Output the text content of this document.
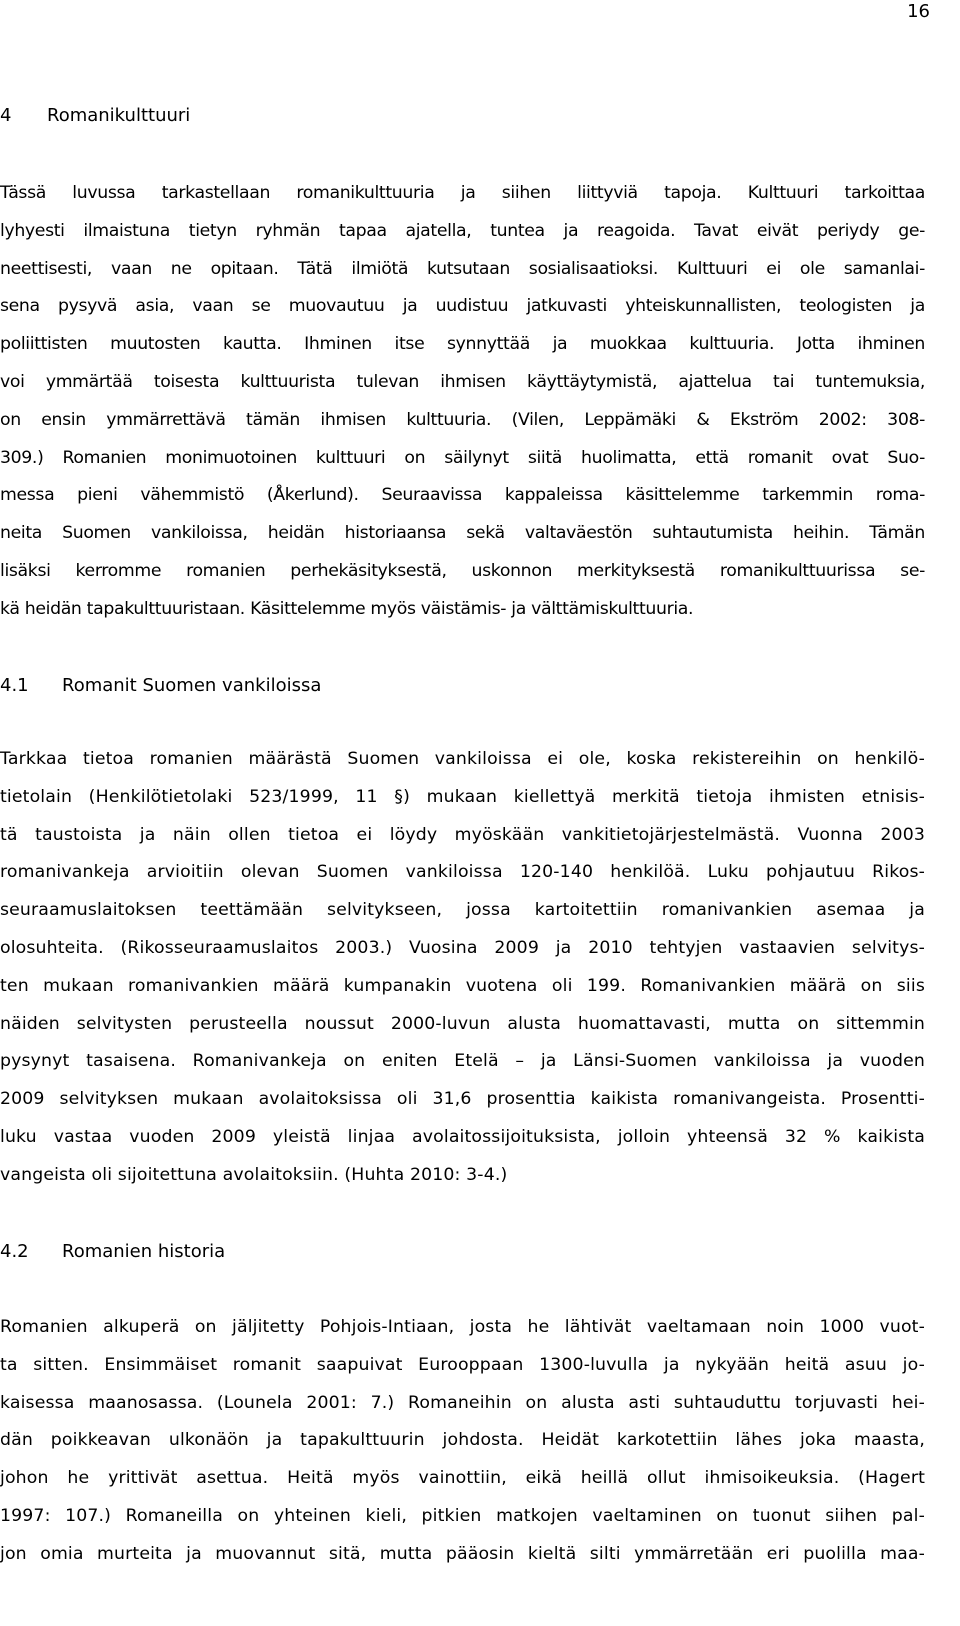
16
4 Romanikulttuuri
Tässä luvussa tarkastellaan romanikulttuuria ja siihen liittyviä tapoja. Kulttuuri tarkoittaa
lyhyesti ilmaistuna tietyn ryhmän tapaa ajatella, tuntea ja reagoida. Tavat eivät periydy ge-
neettisesti, vaan ne opitaan. Tätä ilmiötä kutsutaan sosialisaatioksi. Kulttuuri ei ole samanlai-
sena pysyvä asia, vaan se muovautuu ja uudistuu jatkuvasti yhteiskunnallisten, teologisten ja
poliittisten muutosten kautta. Ihminen itse synnyttää ja muokkaa kulttuuria. Jotta ihminen
voi ymmärtää toisesta kulttuurista tulevan ihmisen käyttäytymistä, ajattelua tai tuntemuksia,
on ensin ymmärrettävä tämän ihmisen kulttuuria. (Vilen, Leppämäki & Ekström 2002: 308-
309.) Romanien monimuotoinen kulttuuri on säilynyt siitä huolimatta, että romanit ovat Suo-
messa pieni vähemmistö (Åkerlund). Seuraavissa kappaleissa käsittelemme tarkemmin roma-
neita Suomen vankiloissa, heidän historiaansa sekä valtaväestön suhtautumista heihin. Tämän
lisäksi kerromme romanien perhekäsityksestä, uskonnon merkityksestä romanikulttuurissa se-
kä heidän tapakulttuuristaan. Käsittelemme myös väistämis- ja välttämiskulttuuria.
4.1 Romanit Suomen vankiloissa
Tarkkaa tietoa romanien määrästä Suomen vankiloissa ei ole, koska rekistereihin on henkilö-
tietolain (Henkilötietolaki 523/1999, 11 §) mukaan kiellettyä merkitä tietoja ihmisten etnisis-
tä taustoista ja näin ollen tietoa ei löydy myöskään vankitietojärjestelmästä. Vuonna 2003
romanivankeja arvioitiin olevan Suomen vankiloissa 120-140 henkilöä. Luku pohjautuu Rikos-
seuraamuslaitoksen teettämään selvitykseen, jossa kartoitettiin romanivankien asemaa ja
olosuhteita. (Rikosseuraamuslaitos 2003.) Vuosina 2009 ja 2010 tehtyjen vastaavien selvitys-
ten mukaan romanivankien määrä kumpanakin vuotena oli 199. Romanivankien määrä on siis
näiden selvitysten perusteella noussut 2000-luvun alusta huomattavasti, mutta on sittemmin
pysynyt tasaisena. Romanivankeja on eniten Etelä – ja Länsi-Suomen vankiloissa ja vuoden
2009 selvityksen mukaan avolaitoksissa oli 31,6 prosenttia kaikista romanivangeista. Prosentti-
luku vastaa vuoden 2009 yleistä linjaa avolaitossijoituksista, jolloin yhteensä 32 % kaikista
vangeista oli sijoitettuna avolaitoksiin. (Huhta 2010: 3-4.)
4.2 Romanien historia
Romanien alkuperä on jäljitetty Pohjois-Intiaan, josta he lähtivät vaeltamaan noin 1000 vuot-
ta sitten. Ensimmäiset romanit saapuivat Eurooppaan 1300-luvulla ja nykyään heitä asuu jo-
kaisessa maanosassa. (Lounela 2001: 7.) Romaneihin on alusta asti suhtauduttu torjuvasti hei-
dän poikkeavan ulkonäön ja tapakulttuurin johdosta. Heidät karkotettiin lähes joka maasta,
johon he yrittivät asettua. Heitä myös vainottiin, eikä heillä ollut ihmisoikeuksia. (Hagert
1997: 107.) Romaneilla on yhteinen kieli, pitkien matkojen vaeltaminen on tuonut siihen pal-
jon omia murteita ja muovannut sitä, mutta pääosin kieltä silti ymmärretään eri puolilla maa-
